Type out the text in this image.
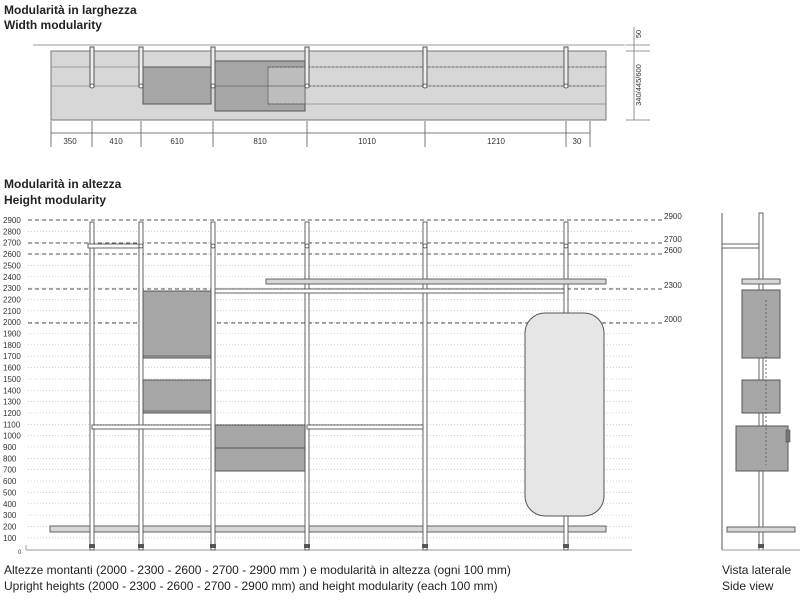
Modularità in larghezza
Width modularity
Modularità in altezza
Height modularity
350	410	610	810	1010	1210	30
50
340/445/600
2900
2800
2700
2600
2500
2400
2300
2200
2100
2000
1900
1800
1700
1600
1500
1400
1300
1200
1100
1000
900
800
700
600
500
400
300
200
100
0
2900
2700
2600
2300
2000
Altezze montanti (2000 - 2300 - 2600 - 2700 - 2900 mm ) e modularità in altezza (ogni 100 mm)
Upright heights (2000 - 2300 - 2600 - 2700 - 2900 mm) and height modularity (each 100 mm)
Vista laterale
Side view
